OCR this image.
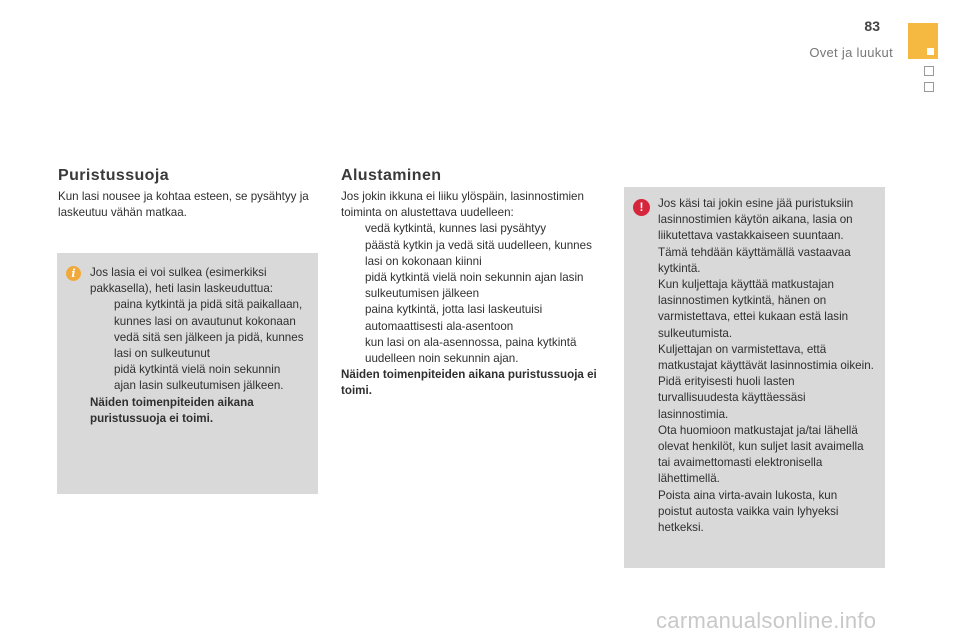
83
Ovet ja luukut
Puristussuoja
Kun lasi nousee ja kohtaa esteen, se pysähtyy ja laskeutuu vähän matkaa.
i	Jos lasia ei voi sulkea (esimerkiksi pakkasella), heti lasin laskeuduttua:
paina kytkintä ja pidä sitä paikallaan, kunnes lasi on avautunut kokonaan
vedä sitä sen jälkeen ja pidä, kunnes lasi on sulkeutunut
pidä kytkintä vielä noin sekunnin ajan lasin sulkeutumisen jälkeen.
Näiden toimenpiteiden aikana puristussuoja ei toimi.
Alustaminen
Jos jokin ikkuna ei liiku ylöspäin, lasinnostimien toiminta on alustettava uudelleen:
vedä kytkintä, kunnes lasi pysähtyy
päästä kytkin ja vedä sitä uudelleen, kunnes lasi on kokonaan kiinni
pidä kytkintä vielä noin sekunnin ajan lasin sulkeutumisen jälkeen
paina kytkintä, jotta lasi laskeutuisi automaattisesti ala-asentoon
kun lasi on ala-asennossa, paina kytkintä uudelleen noin sekunnin ajan.
Näiden toimenpiteiden aikana puristussuoja ei toimi.
!	Jos käsi tai jokin esine jää puristuksiin lasinnostimien käytön aikana, lasia on liikutettava vastakkaiseen suuntaan. Tämä tehdään käyttämällä vastaavaa kytkintä.
Kun kuljettaja käyttää matkustajan lasinnostimen kytkintä, hänen on varmistettava, ettei kukaan estä lasin sulkeutumista.
Kuljettajan on varmistettava, että matkustajat käyttävät lasinnostimia oikein.
Pidä erityisesti huoli lasten turvallisuudesta käyttäessäsi lasinnostimia.
Ota huomioon matkustajat ja/tai lähellä olevat henkilöt, kun suljet lasit avaimella tai avaimettomasti elektronisella lähettimellä.
Poista aina virta-avain lukosta, kun poistut autosta vaikka vain lyhyeksi hetkeksi.
carmanualsonline.info
